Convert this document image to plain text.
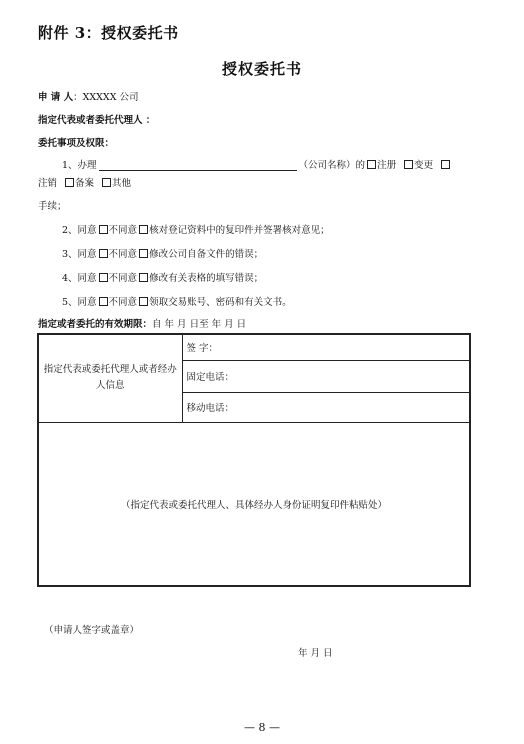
附件 3：授权委托书
授权委托书
申 请 人：XXXXX 公司
指定代表或者委托代理人 ：
委托事项及权限：
1、办理	（公司名称）的 注册 变更
注销 备案 其他
手续；
2、同意 不同意 核对登记资料中的复印件并签署核对意见；
3、同意 不同意 修改公司自备文件的错误；
4、同意 不同意 修改有关表格的填写错误；
5、同意 不同意 领取交易账号、密码和有关文书。
指定或者委托的有效期限：自 年 月 日至 年 月 日
指定代表或委托代理人或者经办人信息	签 字：
固定电话：
移动电话：
（指定代表或委托代理人、具体经办人身份证明复印件粘贴处）
（申请人签字或盖章）
年 月 日
— 8 —
